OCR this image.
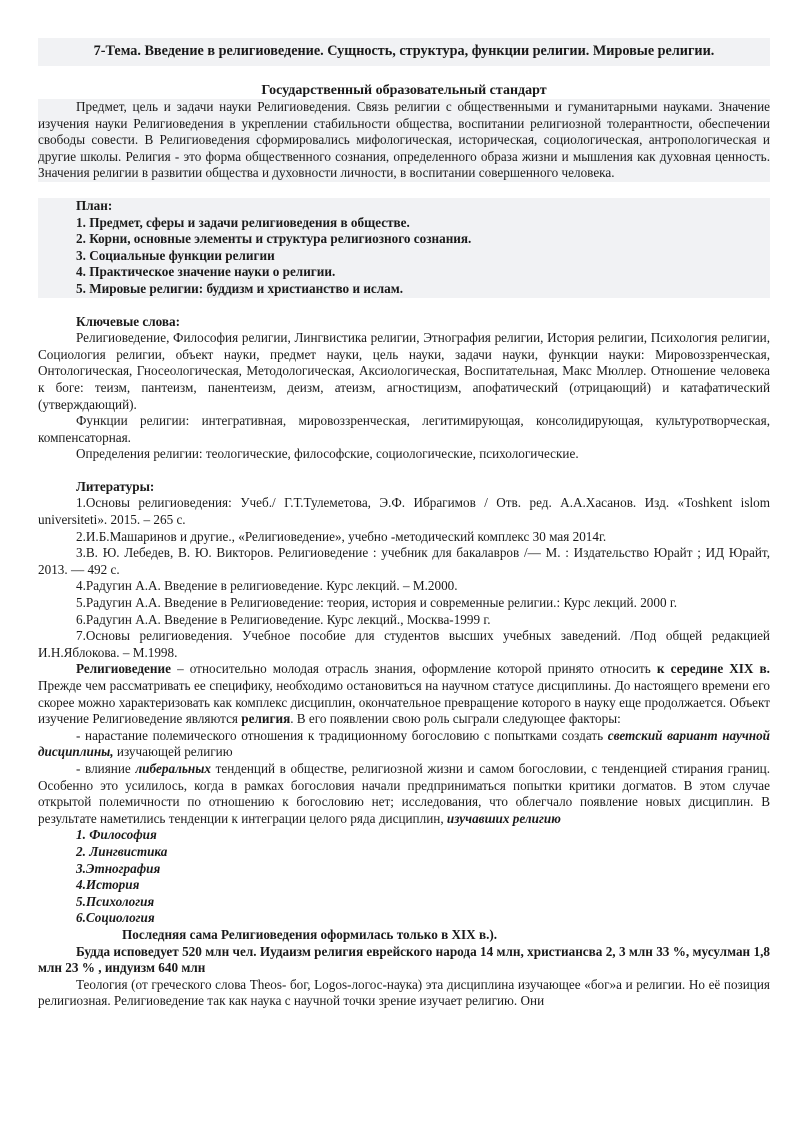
7-Тема. Введение в религиоведение. Сущность, структура, функции религии. Мировые религии.
Государственный образовательный стандарт

Предмет, цель и задачи науки Религиоведения. Связь религии с общественными и гуманитарными науками. Значение изучения науки Религиоведения в укреплении стабильности общества, воспитании религиозной толерантности, обеспечении свободы совести. В Религиоведения сформировались мифологическая, историческая, социологическая, антропологическая и другие школы. Религия - это форма общественного сознания, определенного образа жизни и мышления как духовная ценность. Значения религии в развитии общества и духовности личности, в воспитании совершенного человека.

План:
1. Предмет, сферы и задачи религиоведения в обществе.
2. Корни, основные элементы и структура религиозного сознания.
3. Социальные функции религии
4. Практическое значение науки о религии.
5. Мировые религии: буддизм и христианство и ислам.
Ключевые слова:

Религиоведение, Философия религии, Лингвистика религии, Этнография религии, История религии, Психология религии, Социология религии, объект науки, предмет науки, цель науки, задачи науки, функции науки: Мировоззренческая, Онтологическая, Гносеологическая, Методологическая, Аксиологическая, Воспитательная, Макс Мюллер. Отношение человека к боге: теизм, пантеизм, панентеизм, деизм, атеизм, агностицизм, апофатический (отрицающий) и катафатический (утверждающий).

Функции религии: интегративная, мировоззренческая, легитимирующая, консолидирующая, культуротворческая, компенсаторная.

Определения религии: теологические, философские, социологические, психологические.

Литературы:

1.Основы религиоведения: Учеб./ Г.Т.Тулеметова, Э.Ф. Ибрагимов / Отв. ред. А.А.Хасанов. Изд. «Toshkent islom universiteti». 2015. – 265 с.

2.И.Б.Машаринов и другие., «Религиоведение», учебно -методический комплекс 30 мая 2014г.

3.В. Ю. Лебедев, В. Ю. Викторов. Религиоведение : учебник для бакалавров /— М. : Издательство Юрайт ; ИД Юрайт, 2013. — 492 с.

4.Радугин А.А. Введение в религиоведение. Курс лекций. – М.2000.

5.Радугин А.А. Введение в Религиоведение: теория, история и современные религии.: Курс лекций. 2000 г.

6.Радугин А.А. Введение в Религиоведение. Курс лекций., Москва-1999 г.

7.Основы религиоведения. Учебное пособие для студентов высших учебных заведений. /Под общей редакцией И.Н.Яблокова. – М.1998.

Религиоведение – относительно молодая отрасль знания, оформление которой принято относить к середине XIX в. Прежде чем рассматривать ее специфику, необходимо остановиться на научном статусе дисциплины. До настоящего времени его скорее можно характеризовать как комплекс дисциплин, окончательное превращение которого в науку еще продолжается. Объект изучение Религиоведение являются религия. В его появлении свою роль сыграли следующее факторы:

- нарастание полемического отношения к традиционному богословию с попытками создать светский вариант научной дисциплины, изучающей религию

- влияние либеральных тенденций в обществе, религиозной жизни и самом богословии, с тенденцией стирания границ. Особенно это усилилось, когда в рамках богословия начали предприниматься попытки критики догматов. В этом случае открытой полемичности по отношению к богословию нет; исследования, что облегчало появление новых дисциплин. В результате наметились тенденции к интеграции целого ряда дисциплин, изучавших религию

1. Философия
2. Лингвистика
3.Этнография
4.История
5.Психология
6.Социология

Последняя сама Религиоведения оформилась только в XIX в.).

Будда исповедует 520 млн чел. Иудаизм религия еврейского народа 14 млн, христиансва 2, 3 млн 33 %, мусулман 1,8 млн 23 % , индуизм 640 млн

Теология (от греческого слова Theos- бог, Logos-логос-наука) эта дисциплина изучающее «бог»а и религии. Но её позиция религиозная. Религиоведение так как наука с научной точки зрение изучает религию. Они
